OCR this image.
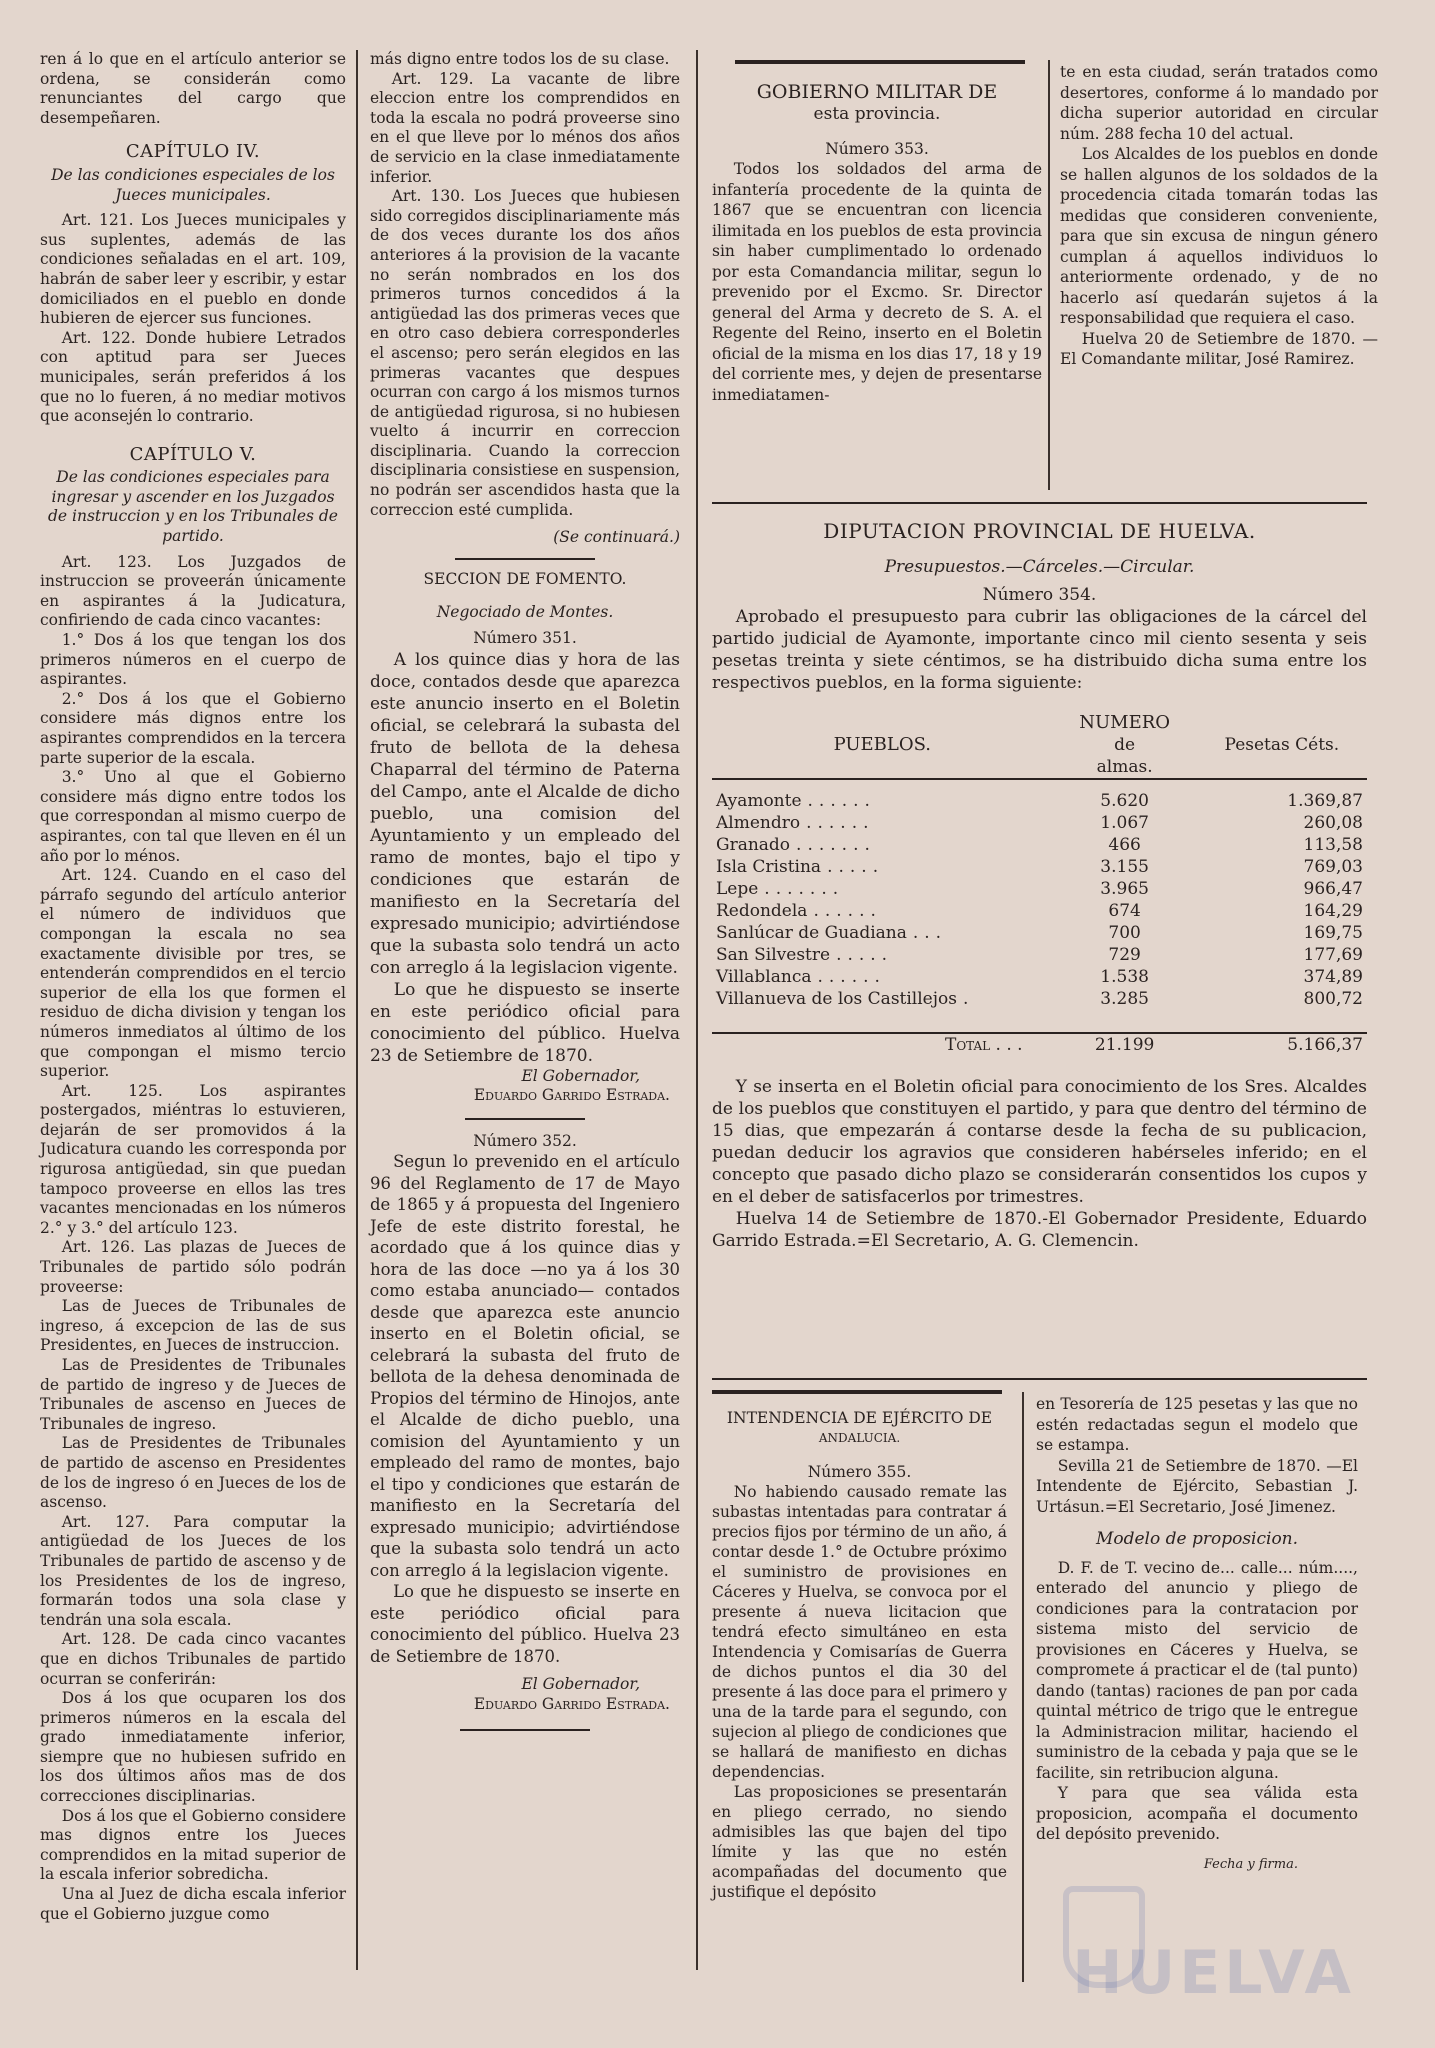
ren á lo que en el artículo anterior se ordena, se considerán como renunciantes del cargo que desempeñaren.

CAPÍTULO IV.
De las condiciones especiales de los Jueces municipales.

Art. 121. Los Jueces municipales y sus suplentes, además de las condiciones señaladas en el art. 109, habrán de saber leer y escribir, y estar domiciliados en el pueblo en donde hubieren de ejercer sus funciones.

Art. 122. Donde hubiere Letrados con aptitud para ser Jueces municipales, serán preferidos á los que no lo fueren, á no mediar motivos que aconsején lo contrario.

CAPÍTULO V.
De las condiciones especiales para ingresar y ascender en los Juzgados de instruccion y en los Tribunales de partido.

Art. 123. Los Juzgados de instruccion se proveerán únicamente en aspirantes á la Judicatura, confiriendo de cada cinco vacantes:

1.° Dos á los que tengan los dos primeros números en el cuerpo de aspirantes.

2.° Dos á los que el Gobierno considere más dignos entre los aspirantes comprendidos en la tercera parte superior de la escala.

3.° Uno al que el Gobierno considere más digno entre todos los que correspondan al mismo cuerpo de aspirantes, con tal que lleven en él un año por lo ménos.

Art. 124. Cuando en el caso del párrafo segundo del artículo anterior el número de individuos que compongan la escala no sea exactamente divisible por tres, se entenderán comprendidos en el tercio superior de ella los que formen el residuo de dicha division y tengan los números inmediatos al último de los que compongan el mismo tercio superior.

Art. 125. Los aspirantes postergados, miéntras lo estuvieren, dejarán de ser promovidos á la Judicatura cuando les corresponda por rigurosa antigüedad, sin que puedan tampoco proveerse en ellos las tres vacantes mencionadas en los números 2.° y 3.° del artículo 123.

Art. 126. Las plazas de Jueces de Tribunales de partido sólo podrán proveerse:

Las de Jueces de Tribunales de ingreso, á excepcion de las de sus Presidentes, en Jueces de instruccion.

Las de Presidentes de Tribunales de partido de ingreso y de Jueces de Tribunales de ascenso en Jueces de Tribunales de ingreso.

Las de Presidentes de Tribunales de partido de ascenso en Presidentes de los de ingreso ó en Jueces de los de ascenso.

Art. 127. Para computar la antigüedad de los Jueces de los Tribunales de partido de ascenso y de los Presidentes de los de ingreso, formarán todos una sola clase y tendrán una sola escala.

Art. 128. De cada cinco vacantes que en dichos Tribunales de partido ocurran se conferirán:

Dos á los que ocuparen los dos primeros números en la escala del grado inmediatamente inferior, siempre que no hubiesen sufrido en los dos últimos años mas de dos correcciones disciplinarias.

Dos á los que el Gobierno considere mas dignos entre los Jueces comprendidos en la mitad superior de la escala inferior sobredicha.

Una al Juez de dicha escala inferior que el Gobierno juzgue como

más digno entre todos los de su clase.

Art. 129. La vacante de libre eleccion entre los comprendidos en toda la escala no podrá proveerse sino en el que lleve por lo ménos dos años de servicio en la clase inmediatamente inferior.

Art. 130. Los Jueces que hubiesen sido corregidos disciplinariamente más de dos veces durante los dos años anteriores á la provision de la vacante no serán nombrados en los dos primeros turnos concedidos á la antigüedad las dos primeras veces que en otro caso debiera corresponderles el ascenso; pero serán elegidos en las primeras vacantes que despues ocurran con cargo á los mismos turnos de antigüedad rigurosa, si no hubiesen vuelto á incurrir en correccion disciplinaria. Cuando la correccion disciplinaria consistiese en suspension, no podrán ser ascendidos hasta que la correccion esté cumplida.

(Se continuará.)
SECCION DE FOMENTO.
Negociado de Montes.
Número 351.

A los quince dias y hora de las doce, contados desde que aparezca este anuncio inserto en el Boletin oficial, se celebrará la subasta del fruto de bellota de la dehesa Chaparral del término de Paterna del Campo, ante el Alcalde de dicho pueblo, una comision del Ayuntamiento y un empleado del ramo de montes, bajo el tipo y condiciones que estarán de manifiesto en la Secretaría del expresado municipio; advirtiéndose que la subasta solo tendrá un acto con arreglo á la legislacion vigente.

Lo que he dispuesto se inserte en este periódico oficial para conocimiento del público. Huelva 23 de Setiembre de 1870.

El Gobernador,
Eduardo Garrido Estrada.
Número 352.

Segun lo prevenido en el artículo 96 del Reglamento de 17 de Mayo de 1865 y á propuesta del Ingeniero Jefe de este distrito forestal, he acordado que á los quince dias y hora de las doce —no ya á los 30 como estaba anunciado— contados desde que aparezca este anuncio inserto en el Boletin oficial, se celebrará la subasta del fruto de bellota de la dehesa denominada de Propios del término de Hinojos, ante el Alcalde de dicho pueblo, una comision del Ayuntamiento y un empleado del ramo de montes, bajo el tipo y condiciones que estarán de manifiesto en la Secretaría del expresado municipio; advirtiéndose que la subasta solo tendrá un acto con arreglo á la legislacion vigente.

Lo que he dispuesto se inserte en este periódico oficial para conocimiento del público. Huelva 23 de Setiembre de 1870.

El Gobernador,
Eduardo Garrido Estrada.
GOBIERNO MILITAR DE
esta provincia.
Número 353.

Todos los soldados del arma de infantería procedente de la quinta de 1867 que se encuentran con licencia ilimitada en los pueblos de esta provincia sin haber cumplimentado lo ordenado por esta Comandancia militar, segun lo prevenido por el Excmo. Sr. Director general del Arma y decreto de S. A. el Regente del Reino, inserto en el Boletin oficial de la misma en los dias 17, 18 y 19 del corriente mes, y dejen de presentarse inmediatamen-

te en esta ciudad, serán tratados como desertores, conforme á lo mandado por dicha superior autoridad en circular núm. 288 fecha 10 del actual.

Los Alcaldes de los pueblos en donde se hallen algunos de los soldados de la procedencia citada tomarán todas las medidas que consideren conveniente, para que sin excusa de ningun género cumplan á aquellos individuos lo anteriormente ordenado, y de no hacerlo así quedarán sujetos á la responsabilidad que requiera el caso.

Huelva 20 de Setiembre de 1870. —El Comandante militar, José Ramirez.

DIPUTACION PROVINCIAL DE HUELVA.
Presupuestos.—Cárceles.—Circular.
Número 354.

Aprobado el presupuesto para cubrir las obligaciones de la cárcel del partido judicial de Ayamonte, importante cinco mil ciento sesenta y seis pesetas treinta y siete céntimos, se ha distribuido dicha suma entre los respectivos pueblos, en la forma siguiente:

PUEBLOS.	NUMERO	Pesetas Céts.
	de	
	almas.	

Ayamonte ......	5.620	1.369,87
Almendro ......	1.067	260,08
Granado .......	466	113,58
Isla Cristina .....	3.155	769,03
Lepe .......	3.965	966,47
Redondela ......	674	164,29
Sanlúcar de Guadiana ...	700	169,75
San Silvestre .....	729	177,69
Villablanca ......	1.538	374,89
Villanueva de los Castillejos .	3.285	800,72

Total . . .	21.199	5.166,37

Y se inserta en el Boletin oficial para conocimiento de los Sres. Alcaldes de los pueblos que constituyen el partido, y para que dentro del término de 15 dias, que empezarán á contarse desde la fecha de su publicacion, puedan deducir los agravios que consideren habérseles inferido; en el concepto que pasado dicho plazo se considerarán consentidos los cupos y en el deber de satisfacerlos por trimestres.

Huelva 14 de Setiembre de 1870.-El Gobernador Presidente, Eduardo Garrido Estrada.=El Secretario, A. G. Clemencin.

INTENDENCIA DE EJÉRCITO DE
ANDALUCIA.
Número 355.

No habiendo causado remate las subastas intentadas para contratar á precios fijos por término de un año, á contar desde 1.° de Octubre próximo el suministro de provisiones en Cáceres y Huelva, se convoca por el presente á nueva licitacion que tendrá efecto simultáneo en esta Intendencia y Comisarías de Guerra de dichos puntos el dia 30 del presente á las doce para el primero y una de la tarde para el segundo, con sujecion al pliego de condiciones que se hallará de manifiesto en dichas dependencias.

Las proposiciones se presentarán en pliego cerrado, no siendo admisibles las que bajen del tipo límite y las que no estén acompañadas del documento que justifique el depósito

en Tesorería de 125 pesetas y las que no estén redactadas segun el modelo que se estampa.

Sevilla 21 de Setiembre de 1870. —El Intendente de Ejército, Sebastian J. Urtásun.=El Secretario, José Jimenez.

Modelo de proposicion.

D. F. de T. vecino de... calle... núm...., enterado del anuncio y pliego de condiciones para la contratacion por sistema misto del servicio de provisiones en Cáceres y Huelva, se compromete á practicar el de (tal punto) dando (tantas) raciones de pan por cada quintal métrico de trigo que le entregue la Administracion militar, haciendo el suministro de la cebada y paja que se le facilite, sin retribucion alguna.

Y para que sea válida esta proposicion, acompaña el documento del depósito prevenido.

Fecha y firma.
HUELVA
